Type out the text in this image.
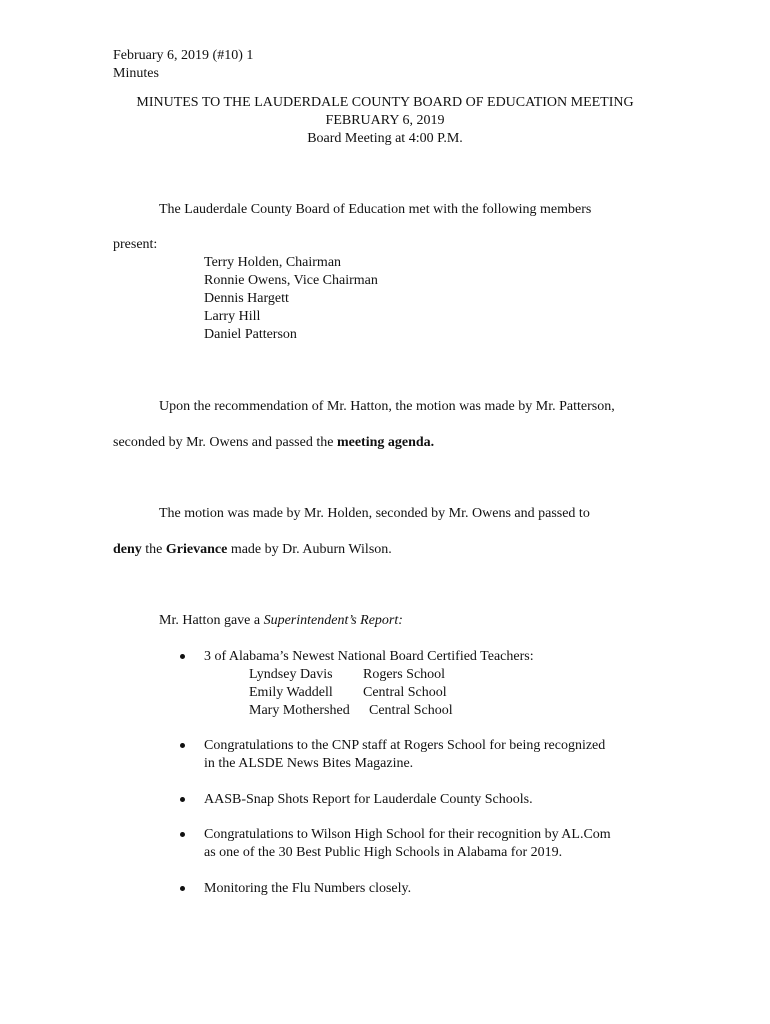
February 6, 2019 (#10) 1
Minutes
MINUTES TO THE LAUDERDALE COUNTY BOARD OF EDUCATION MEETING
FEBRUARY 6, 2019
Board Meeting at 4:00 P.M.
The Lauderdale County Board of Education met with the following members
present:
Terry Holden, Chairman
Ronnie Owens, Vice Chairman
Dennis Hargett
Larry Hill
Daniel Patterson
Upon the recommendation of Mr. Hatton, the motion was made by Mr. Patterson,
seconded by Mr. Owens and passed the meeting agenda.
The motion was made by Mr. Holden, seconded by Mr. Owens and passed to
deny the Grievance made by Dr. Auburn Wilson.
Mr. Hatton gave a Superintendent’s Report:
3 of Alabama’s Newest National Board Certified Teachers:
Lyndsey Davis Rogers School
Emily Waddell Central School
Mary Mothershed Central School
Congratulations to the CNP staff at Rogers School for being recognized
in the ALSDE News Bites Magazine.
AASB-Snap Shots Report for Lauderdale County Schools.
Congratulations to Wilson High School for their recognition by AL.Com
as one of the 30 Best Public High Schools in Alabama for 2019.
Monitoring the Flu Numbers closely.
